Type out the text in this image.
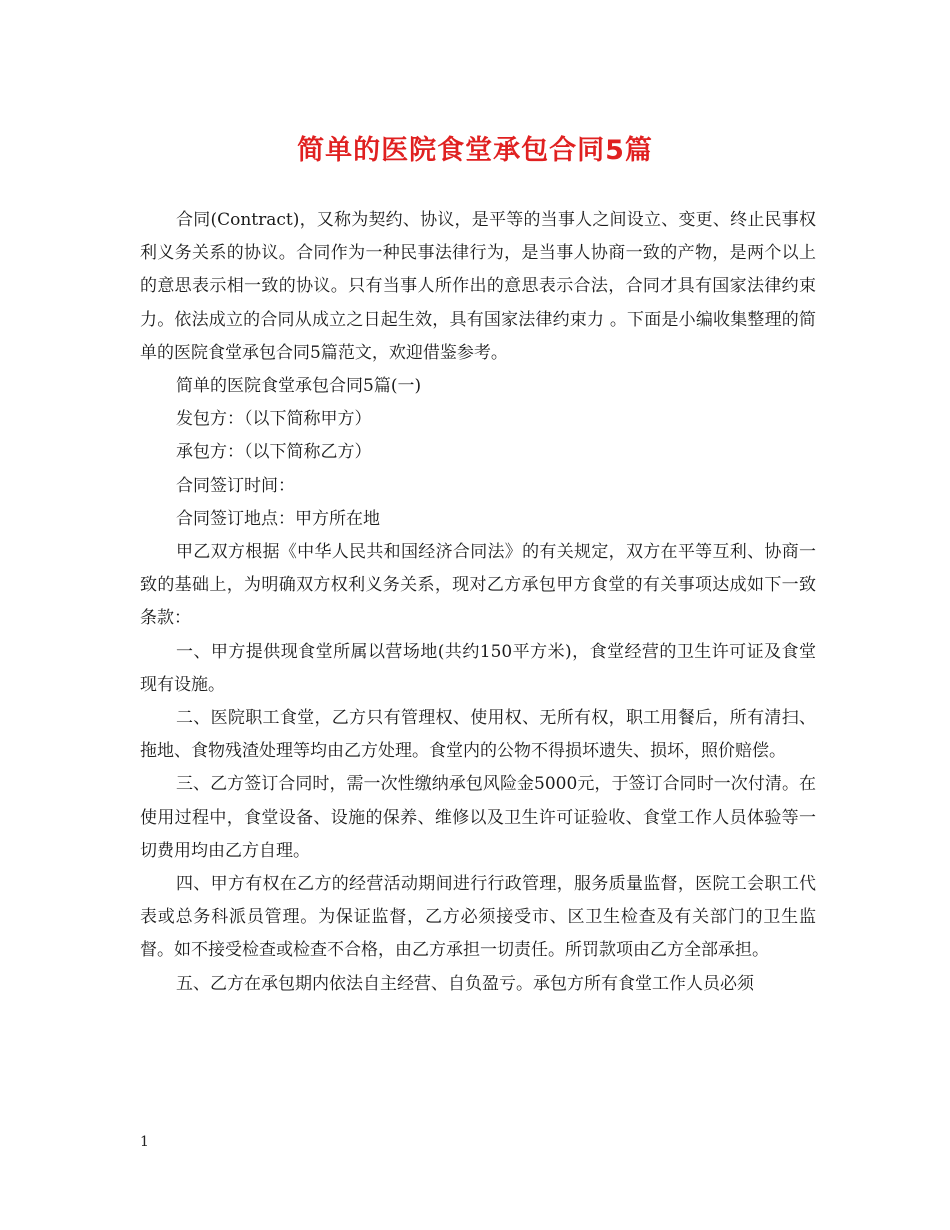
简单的医院食堂承包合同5篇

合同(Contract)，又称为契约、协议，是平等的当事人之间设立、变更、终止民事权利义务关系的协议。合同作为一种民事法律行为，是当事人协商一致的产物，是两个以上的意思表示相一致的协议。只有当事人所作出的意思表示合法，合同才具有国家法律约束力。依法成立的合同从成立之日起生效，具有国家法律约束力 。下面是小编收集整理的简单的医院食堂承包合同5篇范文，欢迎借鉴参考。

简单的医院食堂承包合同5篇(一)

发包方：（以下简称甲方）

承包方：（以下简称乙方）

合同签订时间：

合同签订地点：甲方所在地

甲乙双方根据《中华人民共和国经济合同法》的有关规定，双方在平等互利、协商一致的基础上，为明确双方权利义务关系，现对乙方承包甲方食堂的有关事项达成如下一致条款：

一、甲方提供现食堂所属以营场地(共约150平方米)，食堂经营的卫生许可证及食堂现有设施。

二、医院职工食堂，乙方只有管理权、使用权、无所有权，职工用餐后，所有清扫、拖地、食物残渣处理等均由乙方处理。食堂内的公物不得损坏遗失、损坏，照价赔偿。

三、乙方签订合同时，需一次性缴纳承包风险金5000元，于签订合同时一次付清。在使用过程中，食堂设备、设施的保养、维修以及卫生许可证验收、食堂工作人员体验等一切费用均由乙方自理。

四、甲方有权在乙方的经营活动期间进行行政管理，服务质量监督，医院工会职工代表或总务科派员管理。为保证监督，乙方必须接受市、区卫生检查及有关部门的卫生监督。如不接受检查或检查不合格，由乙方承担一切责任。所罚款项由乙方全部承担。

五、乙方在承包期内依法自主经营、自负盈亏。承包方所有食堂工作人员必须

1
